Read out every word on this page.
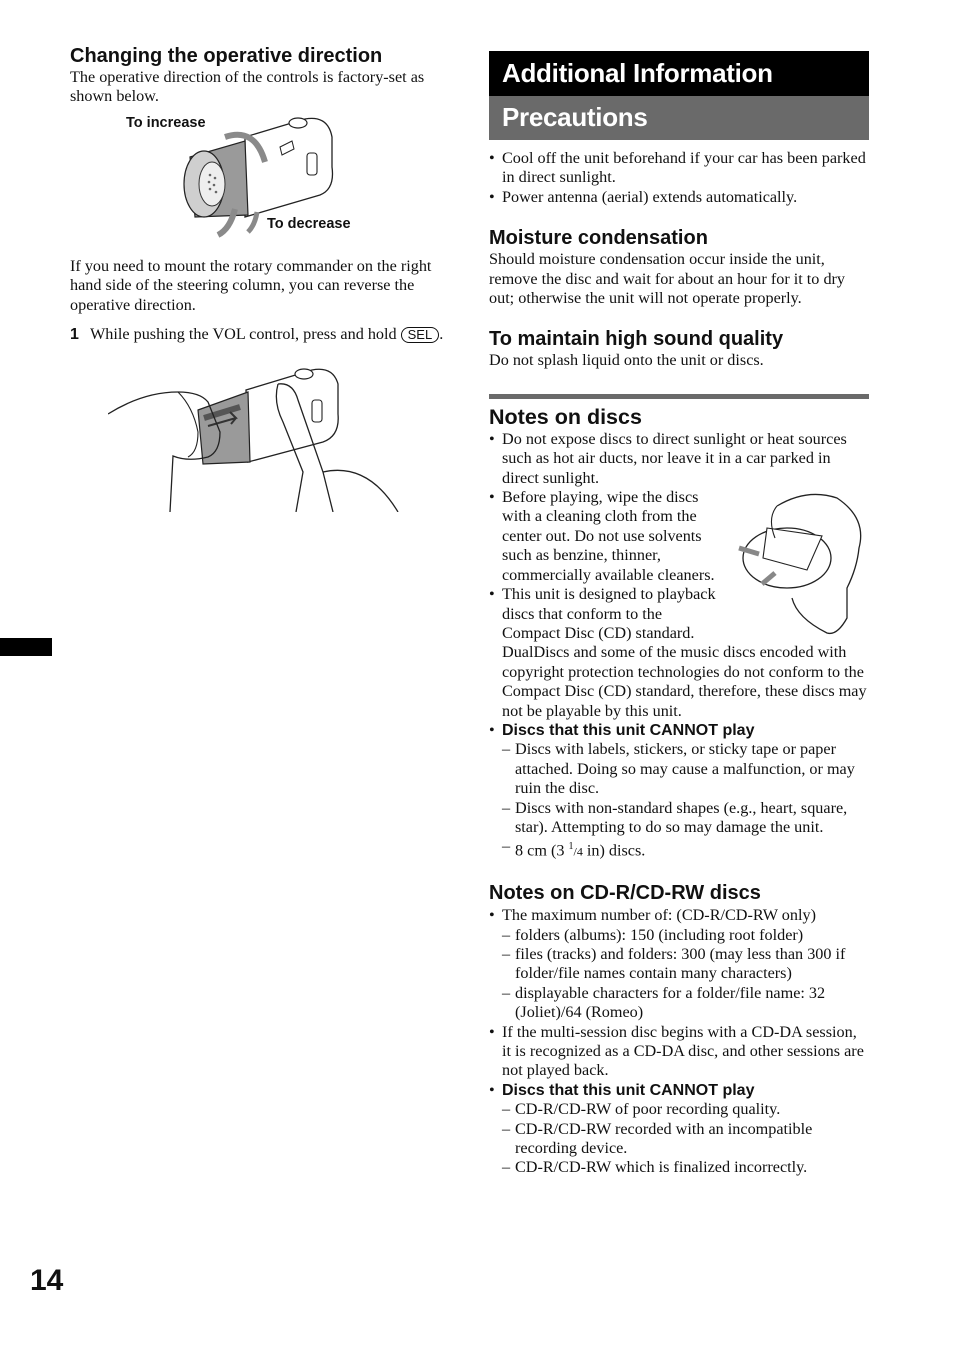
Changing the operative direction

The operative direction of the controls is factory-set as shown below.

To increase
To decrease

If you need to mount the rotary commander on the right hand side of the steering column, you can reverse the operative direction.

1 While pushing the VOL control, press and hold SEL .
Additional Information
Precautions
• Cool off the unit beforehand if your car has been parked in direct sunlight.
• Power antenna (aerial) extends automatically.
Moisture condensation

Should moisture condensation occur inside the unit, remove the disc and wait for about an hour for it to dry out; otherwise the unit will not operate properly.

To maintain high sound quality

Do not splash liquid onto the unit or discs.

Notes on discs
• Do not expose discs to direct sunlight or heat sources such as hot air ducts, nor leave it in a car parked in direct sunlight.
• Before playing, wipe the discs with a cleaning cloth from the center out. Do not use solvents such as benzine, thinner, commercially available cleaners.
• This unit is designed to playback discs that conform to the Compact Disc (CD) standard. DualDiscs and some of the music discs encoded with copyright protection technologies do not conform to the Compact Disc (CD) standard, therefore, these discs may not be playable by this unit.
• Discs that this unit CANNOT play
– Discs with labels, stickers, or sticky tape or paper attached. Doing so may cause a malfunction, or may ruin the disc.
– Discs with non-standard shapes (e.g., heart, square, star). Attempting to do so may damage the unit.
– 8 cm (3 $^1$/4 in) discs.
Notes on CD-R/CD-RW discs
• The maximum number of: (CD-R/CD-RW only)
– folders (albums): 150 (including root folder)
– files (tracks) and folders: 300 (may less than 300 if folder/file names contain many characters)
– displayable characters for a folder/file name: 32 (Joliet)/64 (Romeo)
• If the multi-session disc begins with a CD-DA session, it is recognized as a CD-DA disc, and other sessions are not played back.
• Discs that this unit CANNOT play
– CD-R/CD-RW of poor recording quality.
– CD-R/CD-RW recorded with an incompatible recording device.
– CD-R/CD-RW which is finalized incorrectly.
14
